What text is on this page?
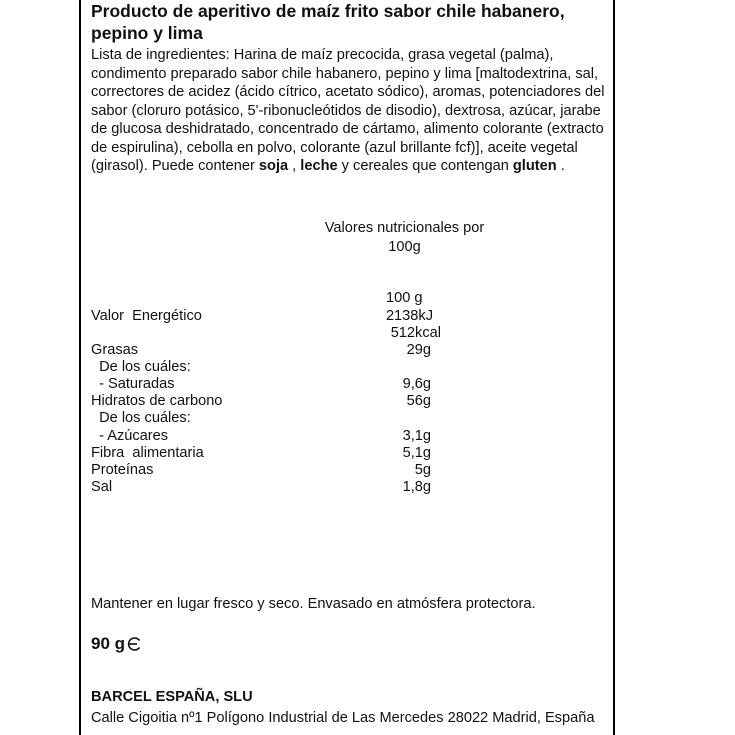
Producto de aperitivo de maíz frito sabor chile habanero, pepino y lima
Lista de ingredientes: Harina de maíz precocida, grasa vegetal (palma), condimento preparado sabor chile habanero, pepino y lima [maltodextrina, sal, correctores de acidez (ácido cítrico, acetato sódico), aromas, potenciadores del sabor (cloruro potásico, 5'-ribonucleótidos de disodio), dextrosa, azúcar, jarabe de glucosa deshidratado, concentrado de cártamo, alimento colorante (extracto de espirulina), cebolla en polvo, colorante (azul brillante fcf)], aceite vegetal (girasol). Puede contener soja , leche y cereales que contengan gluten .
Valores nutricionales por 100g
100 g
Valor  Energético	2138kJ
512kcal
Grasas	29g
De los cuáles:
- Saturadas	9,6g
Hidratos de carbono	56g
De los cuáles:
- Azúcares	3,1g
Fibra  alimentaria	5,1g
Proteínas	5g
Sal	1,8g
Mantener en lugar fresco y seco. Envasado en atmósfera protectora.
90 g
BARCEL ESPAÑA, SLU
Calle Cigoitia nº1 Polígono Industrial de Las Mercedes 28022 Madrid, España
